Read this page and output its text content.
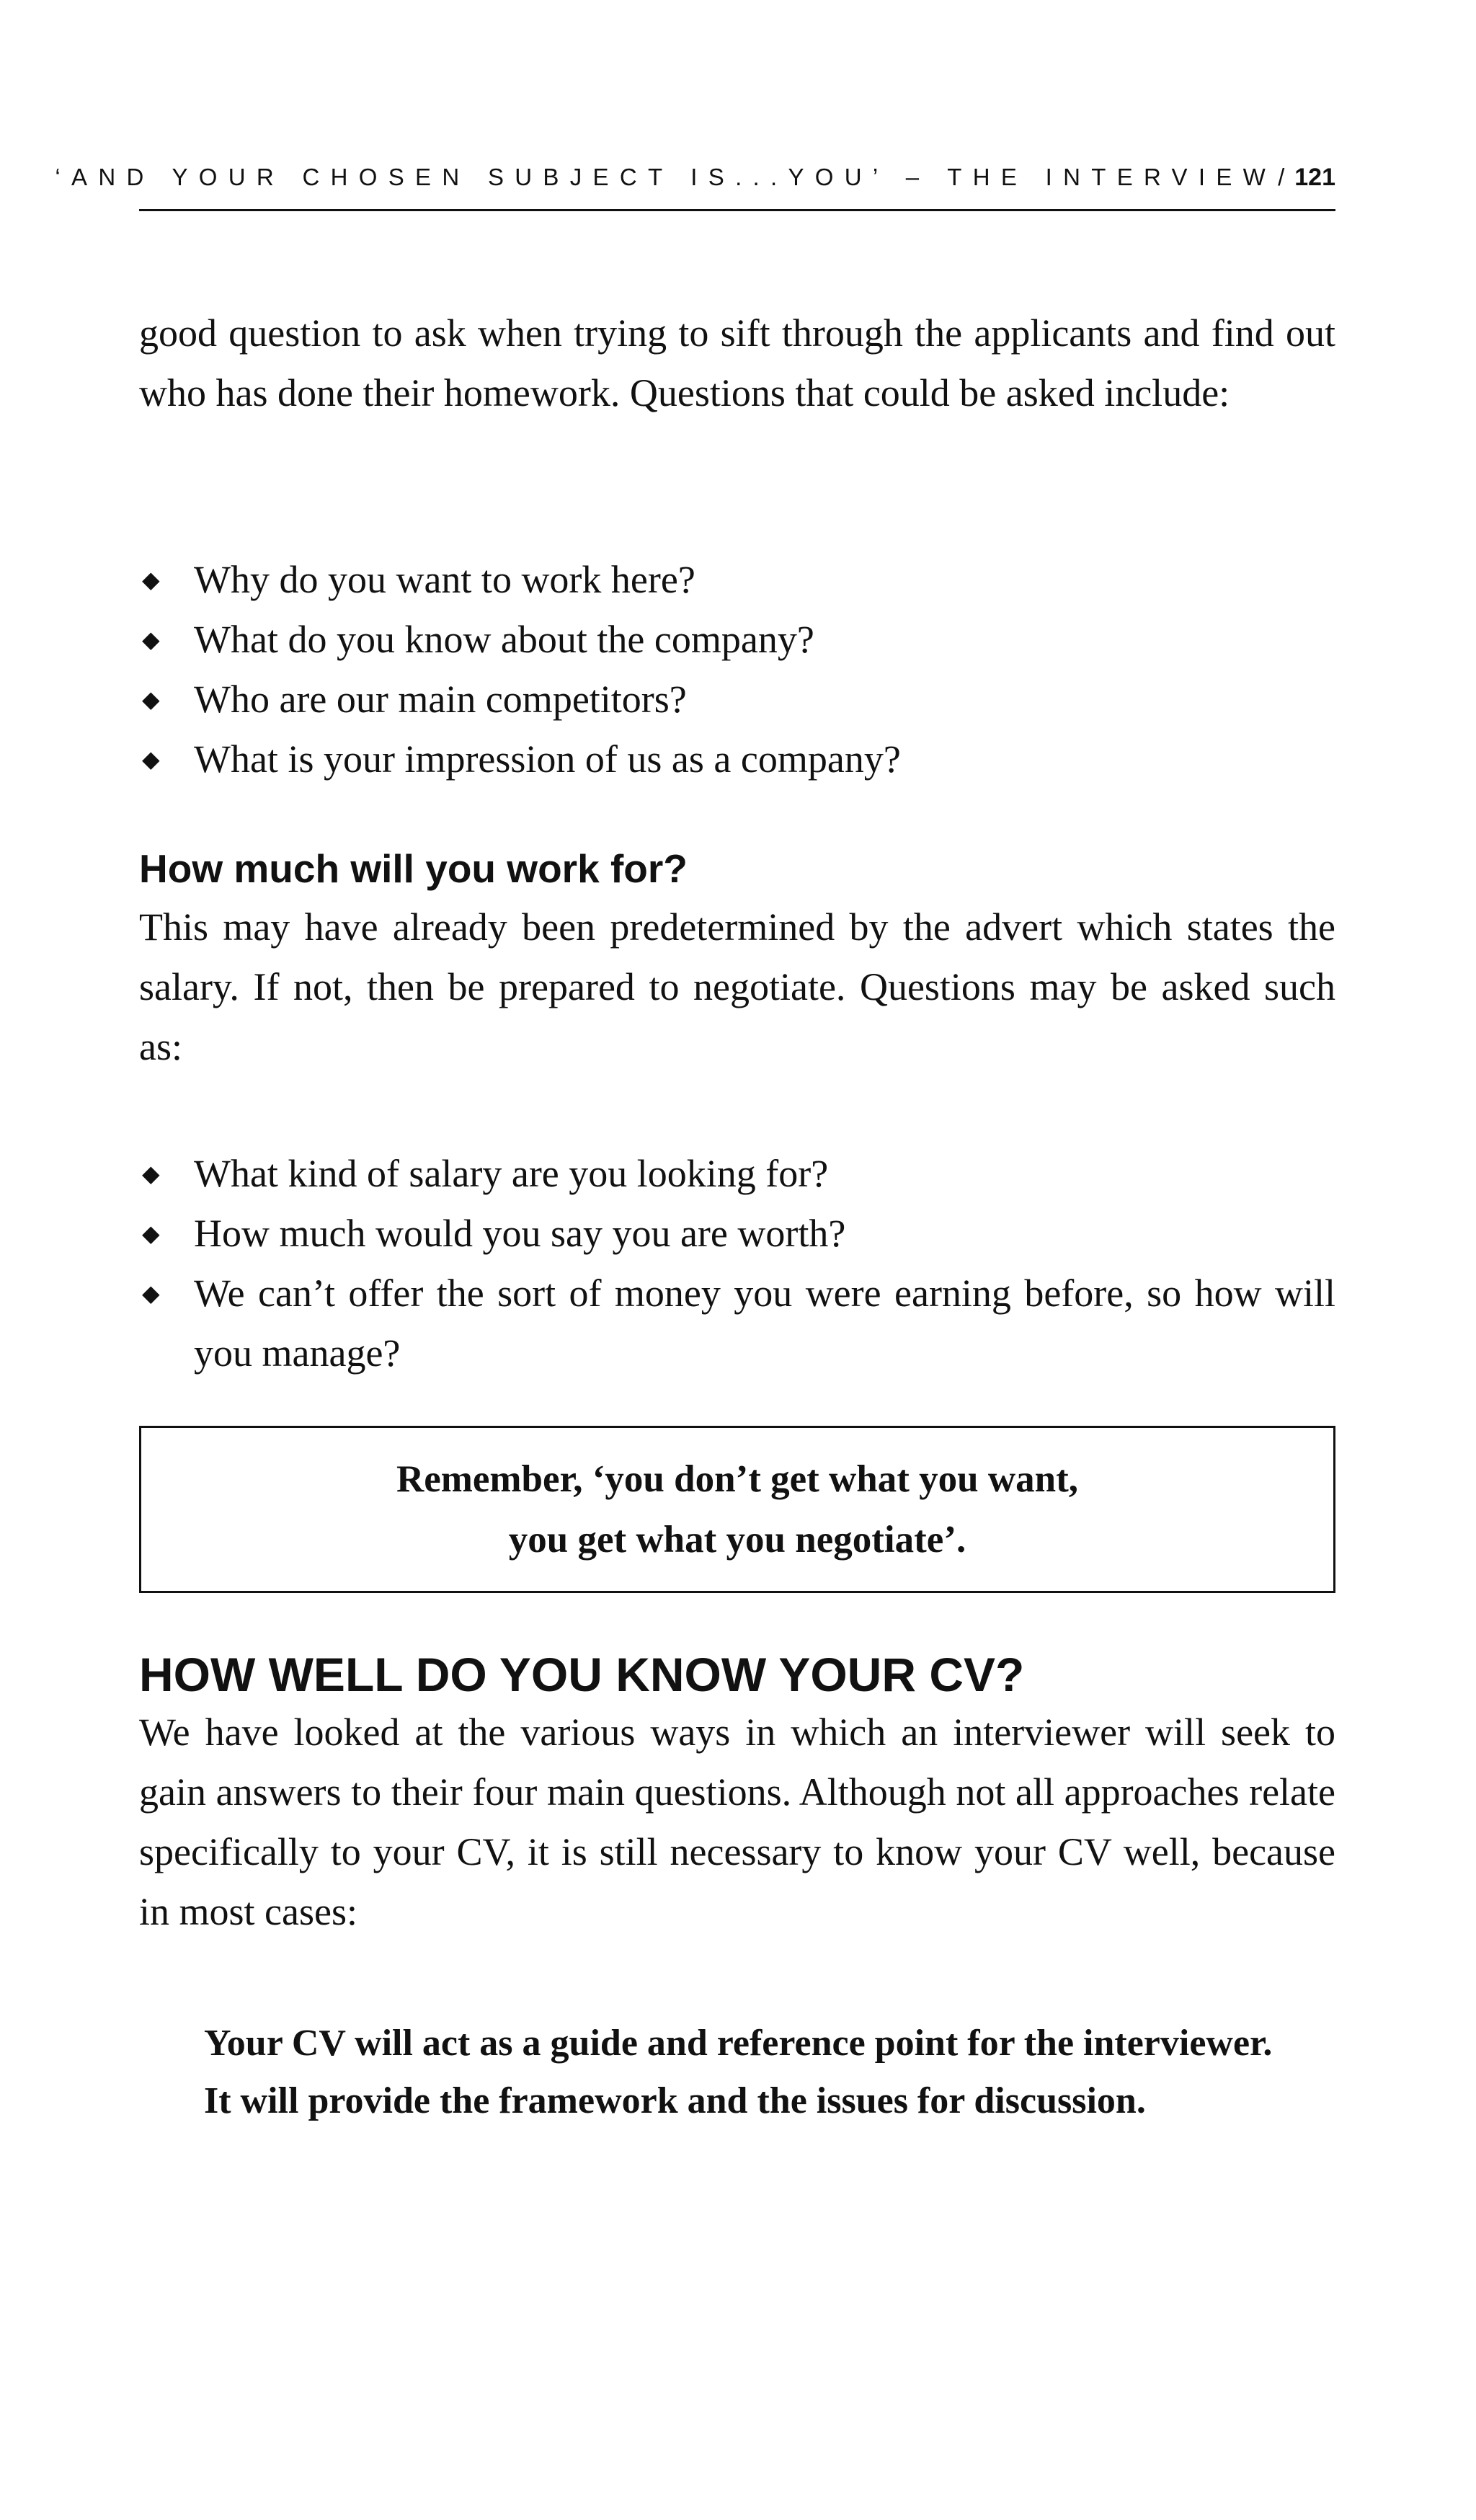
‘AND YOUR CHOSEN SUBJECT IS...YOU’ – THE INTERVIEW / 121

good question to ask when trying to sift through the applicants and find out who has done their homework. Questions that could be asked include:

◆ Why do you want to work here?
◆ What do you know about the company?
◆ Who are our main competitors?
◆ What is your impression of us as a company?
How much will you work for?

This may have already been predetermined by the advert which states the salary. If not, then be prepared to negotiate. Questions may be asked such as:

◆ What kind of salary are you looking for?
◆ How much would you say you are worth?
◆ We can’t offer the sort of money you were earning before, so how will you manage?
Remember, ‘you don’t get what you want,
you get what you negotiate’.
HOW WELL DO YOU KNOW YOUR CV?

We have looked at the various ways in which an interviewer will seek to gain answers to their four main questions. Although not all approaches relate specifically to your CV, it is still necessary to know your CV well, because in most cases:

Your CV will act as a guide and reference point for the interviewer.
It will provide the framework and the issues for discussion.
